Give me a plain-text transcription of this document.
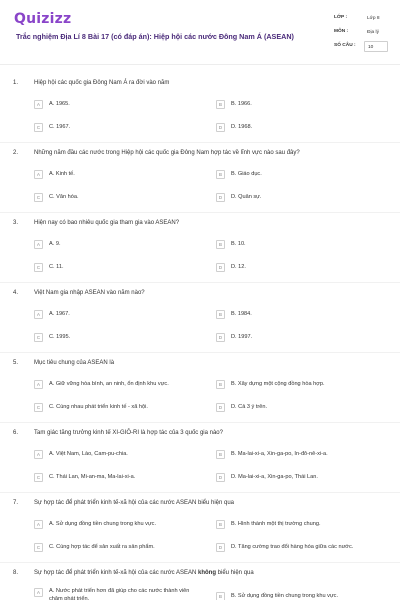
Quizizz
Trắc nghiệm Địa Lí 8 Bài 17 (có đáp án): Hiệp hội các nước Đông Nam Á (ASEAN)
LỚP :	Lớp 8
MÔN :	Địa lý
SỐ CÂU :	10
1.	Hiệp hội các quốc gia Đông Nam Á ra đời vào năm
A	A. 1965.	B	B. 1966.
C	C. 1967.	D	D. 1968.
2.	Những năm đầu các nước trong Hiệp hội các quốc gia Đông Nam hợp tác về lĩnh vực nào sau đây?
A	A. Kinh tế.	B	B. Giáo dục.
C	C. Văn hóa.	D	D. Quân sự.
3.	Hiện nay có bao nhiêu quốc gia tham gia vào ASEAN?
A	A. 9.	B	B. 10.
C	C. 11.	D	D. 12.
4.	Việt Nam gia nhập ASEAN vào năm nào?
A	A. 1967.	B	B. 1984.
C	C. 1995.	D	D. 1997.
5.	Mục tiêu chung của ASEAN là
A	A. Giữ vững hòa bình, an ninh, ổn định khu vực.	B	B. Xây dựng một cộng đồng hòa hợp.
C	C. Cùng nhau phát triển kinh tế - xã hội.	D	D. Cả 3 ý trên.
6.	Tam giác tăng trưởng kinh tế XI-GIÔ-RI là hợp tác của 3 quốc gia nào?
A	A. Việt Nam, Lào, Cam-pu-chia.	B	B. Ma-lai-xi-a, Xin-ga-po, In-đô-nê-xi-a.
C	C. Thái Lan, Mi-an-ma, Ma-lai-xi-a.	D	D. Ma-lai-xi-a, Xin-ga-po, Thái Lan.
7.	Sự hợp tác để phát triển kinh tế-xã hội của các nước ASEAN biểu hiện qua
A	A. Sử dụng đồng tiền chung trong khu vực.	B	B. Hình thành một thị trường chung.
C	C. Cùng hợp tác để sản xuất ra sản phẩm.	D	D. Tăng cường trao đổi hàng hóa giữa các nước.
8.	Sự hợp tác để phát triển kinh tế-xã hội của các nước ASEAN không biểu hiện qua
A	A. Nước phát triển hơn đã giúp cho các nước thành viên chậm phát triển.	B	B. Sử dụng đồng tiền chung trong khu vực.
